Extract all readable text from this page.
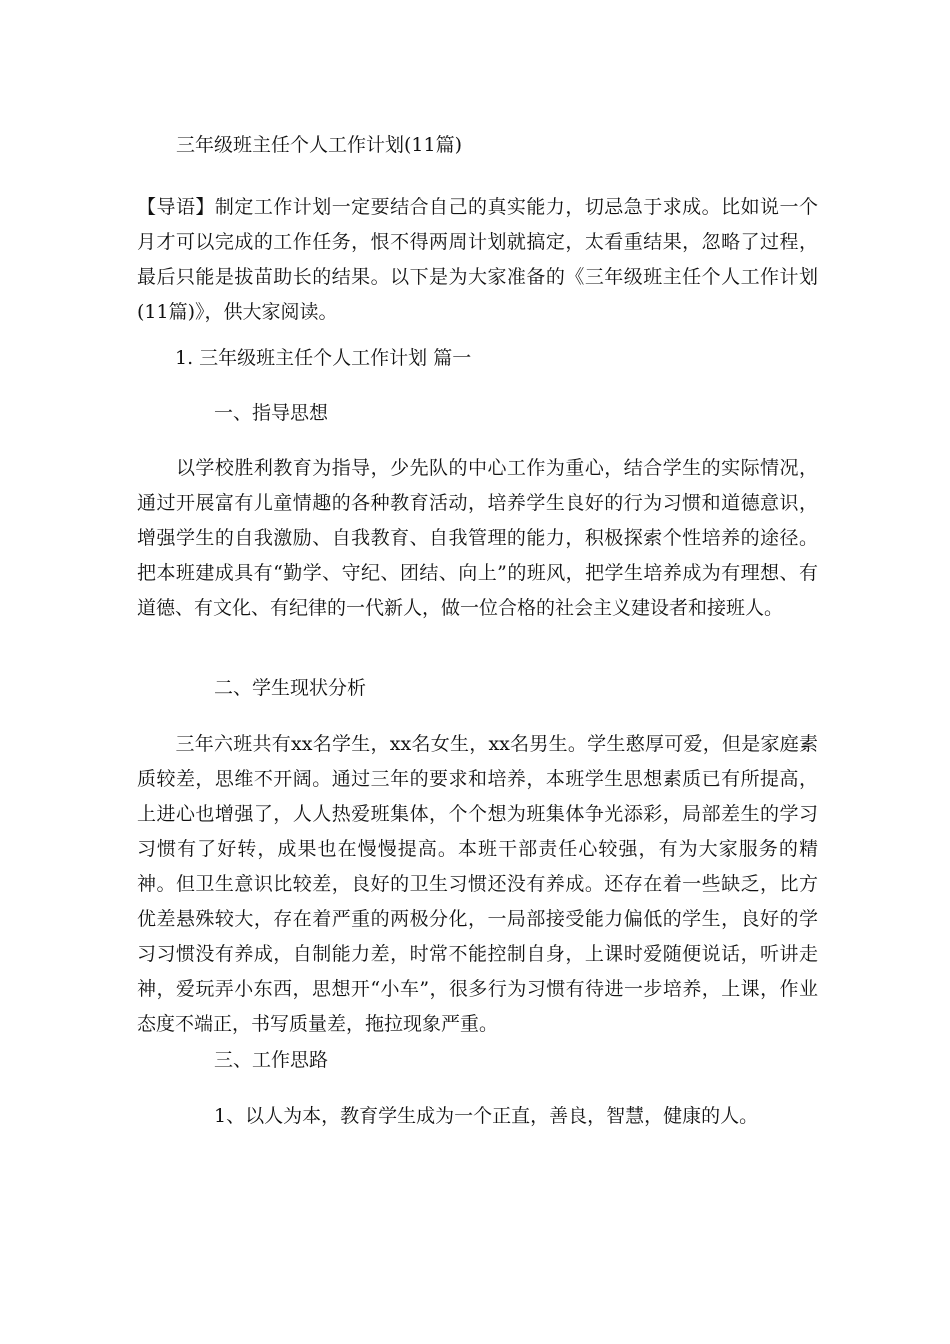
三年级班主任个人工作计划(11篇)

【导语】制定工作计划一定要结合自己的真实能力，切忌急于求成。比如说一个月才可以完成的工作任务，恨不得两周计划就搞定，太看重结果，忽略了过程，最后只能是拔苗助长的结果。以下是为大家准备的《三年级班主任个人工作计划(11篇)》，供大家阅读。

1. 三年级班主任个人工作计划 篇一
一、指导思想

　　以学校胜利教育为指导，少先队的中心工作为重心，结合学生的实际情况，通过开展富有儿童情趣的各种教育活动，培养学生良好的行为习惯和道德意识，增强学生的自我激励、自我教育、自我管理的能力，积极探索个性培养的途径。把本班建成具有“勤学、守纪、团结、向上”的班风，把学生培养成为有理想、有道德、有文化、有纪律的一代新人，做一位合格的社会主义建设者和接班人。

二、学生现状分析

　　三年六班共有xx名学生，xx名女生，xx名男生。学生憨厚可爱，但是家庭素质较差，思维不开阔。通过三年的要求和培养，本班学生思想素质已有所提高，上进心也增强了，人人热爱班集体，个个想为班集体争光添彩，局部差生的学习习惯有了好转，成果也在慢慢提高。本班干部责任心较强，有为大家服务的精神。但卫生意识比较差，良好的卫生习惯还没有养成。还存在着一些缺乏，比方优差悬殊较大，存在着严重的两极分化，一局部接受能力偏低的学生，良好的学习习惯没有养成，自制能力差，时常不能控制自身，上课时爱随便说话，听讲走神，爱玩弄小东西，思想开“小车”，很多行为习惯有待进一步培养，上课，作业态度不端正，书写质量差，拖拉现象严重。

三、工作思路
1、以人为本，教育学生成为一个正直，善良，智慧，健康的人。
